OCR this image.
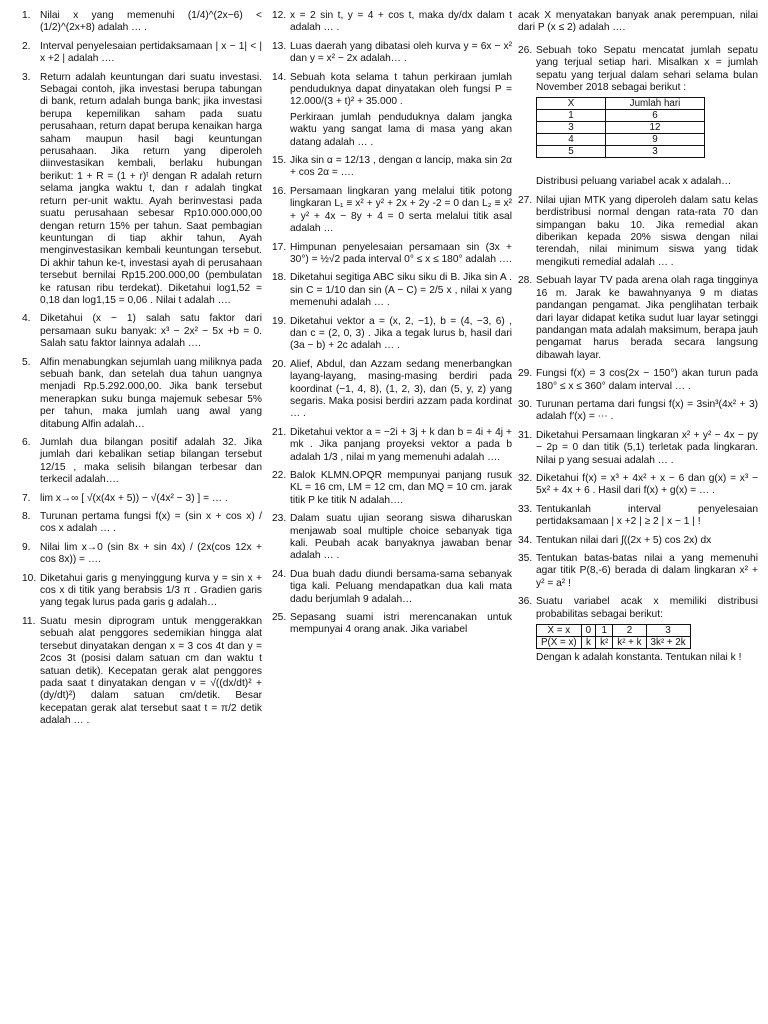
1. Nilai x yang memenuhi (1/4)^(2x−6) < (1/2)^(2x+8) adalah … .

2. Interval penyelesaian pertidaksamaan | x − 1| < | x +2 | adalah ….

3. Return adalah keuntungan dari suatu investasi. Sebagai contoh, jika investasi berupa tabungan di bank, return adalah bunga bank; jika investasi berupa kepemilikan saham pada suatu perusahaan, return dapat berupa kenaikan harga saham maupun hasil bagi keuntungan perusahaan. Jika return yang diperoleh diinvestasikan kembali, berlaku hubungan berikut: 1 + R = (1 + r)ᵗ dengan R adalah return selama jangka waktu t, dan r adalah tingkat return per-unit waktu. Ayah berinvestasi pada suatu perusahaan sebesar Rp10.000.000,00 dengan return 15% per tahun. Saat pembagian keuntungan di tiap akhir tahun, Ayah menginvestasikan kembali keuntungan tersebut. Di akhir tahun ke-t, investasi ayah di perusahaan tersebut bernilai Rp15.200.000,00 (pembulatan ke ratusan ribu terdekat). Diketahui log1,52 = 0,18 dan log1,15 = 0,06 . Nilai t adalah ….

4. Diketahui (x − 1) salah satu faktor dari persamaan suku banyak: x³ − 2x² − 5x +b = 0. Salah satu faktor lainnya adalah ….

5. Alfin menabungkan sejumlah uang miliknya pada sebuah bank, dan setelah dua tahun uangnya menjadi Rp.5.292.000,00. Jika bank tersebut menerapkan suku bunga majemuk sebesar 5% per tahun, maka jumlah uang awal yang ditabung Alfin adalah…

6. Jumlah dua bilangan positif adalah 32. Jika jumlah dari kebalikan setiap bilangan tersebut 12/15 , maka selisih bilangan terbesar dan terkecil adalah….

7. lim x→∞ [ √(x(4x + 5)) − √(4x² − 3) ] = … .

8. Turunan pertama fungsi f(x) = (sin x + cos x) / cos x adalah … .

9. Nilai lim x→0 (sin 8x + sin 4x) / (2x(cos 12x + cos 8x)) = ….

10. Diketahui garis g menyinggung kurva y = sin x + cos x di titik yang berabsis 1/3 π . Gradien garis yang tegak lurus pada garis g adalah…

11. Suatu mesin diprogram untuk menggerakkan sebuah alat penggores sedemikian hingga alat tersebut dinyatakan dengan x = 3 cos 4t dan y = 2cos 3t (posisi dalam satuan cm dan waktu t satuan detik). Kecepatan gerak alat penggores pada saat t dinyatakan dengan v = √((dx/dt)² + (dy/dt)²) dalam satuan cm/detik. Besar kecepatan gerak alat tersebut saat t = π/2 detik adalah … .

12. x = 2 sin t, y = 4 + cos t, maka dy/dx dalam t adalah … .

13. Luas daerah yang dibatasi oleh kurva y = 6x − x² dan y = x² − 2x adalah… .

14. Sebuah kota selama t tahun perkiraan jumlah penduduknya dapat dinyatakan oleh fungsi P = 12.000/(3 + t)² + 35.000 .

Perkiraan jumlah penduduknya dalam jangka waktu yang sangat lama di masa yang akan datang adalah … .

15. Jika sin α = 12/13 , dengan α lancip, maka sin 2α + cos 2α = ….

16. Persamaan lingkaran yang melalui titik potong lingkaran L₁ ≡ x² + y² + 2x + 2y -2 = 0 dan L₂ ≡ x² + y² + 4x − 8y + 4 = 0 serta melalui titik asal adalah …

17. Himpunan penyelesaian persamaan sin (3x + 30°) = ½√2 pada interval 0° ≤ x ≤ 180° adalah ….

18. Diketahui segitiga ABC siku siku di B. Jika sin A . sin C = 1/10 dan sin (A − C) = 2/5 x , nilai x yang memenuhi adalah … .

19. Diketahui vektor a = (x, 2, −1), b = (4, −3, 6) , dan c = (2, 0, 3) . Jika a tegak lurus b, hasil dari (3a − b) + 2c adalah … .

20. Alief, Abdul, dan Azzam sedang menerbangkan layang-layang, masing-masing berdiri pada koordinat (−1, 4, 8), (1, 2, 3), dan (5, y, z) yang segaris. Maka posisi berdiri azzam pada kordinat … .

21. Diketahui vektor a = −2i + 3j + k dan b = 4i + 4j + mk . Jika panjang proyeksi vektor a pada b adalah 1/3 , nilai m yang memenuhi adalah ….

22. Balok KLMN.OPQR mempunyai panjang rusuk KL = 16 cm, LM = 12 cm, dan MQ = 10 cm. jarak titik P ke titik N adalah….

23. Dalam suatu ujian seorang siswa diharuskan menjawab soal multiple choice sebanyak tiga kali. Peubah acak banyaknya jawaban benar adalah … .

24. Dua buah dadu diundi bersama-sama sebanyak tiga kali. Peluang mendapatkan dua kali mata dadu berjumlah 9 adalah…

25. Sepasang suami istri merencanakan untuk mempunyai 4 orang anak. Jika variabel

acak X menyatakan banyak anak perempuan, nilai dari P (x ≤ 2) adalah ….

26. Sebuah toko Sepatu mencatat jumlah sepatu yang terjual setiap hari. Misalkan x = jumlah sepatu yang terjual dalam sehari selama bulan November 2018 sebagai berikut :

X	Jumlah hari
1	6
3	12
4	9
5	3

Distribusi peluang variabel acak x adalah…

27. Nilai ujian MTK yang diperoleh dalam satu kelas berdistribusi normal dengan rata-rata 70 dan simpangan baku 10. Jika remedial akan diberikan kepada 20% siswa dengan nilai terendah, nilai minimum siswa yang tidak mengikuti remedial adalah … .

28. Sebuah layar TV pada arena olah raga tingginya 16 m. Jarak ke bawahnyanya 9 m diatas pandangan pengamat. Jika penglihatan terbaik dari layar didapat ketika sudut luar layar setinggi pandangan mata adalah maksimum, berapa jauh pengamat harus berada secara langsung dibawah layar.

29. Fungsi f(x) = 3 cos(2x − 150°) akan turun pada 180° ≤ x ≤ 360° dalam interval … .

30. Turunan pertama dari fungsi f(x) = 3sin³(4x² + 3) adalah f′(x) = ⋯ .

31. Diketahui Persamaan lingkaran x² + y² − 4x − py − 2p = 0 dan titik (5,1) terletak pada lingkaran. Nilai p yang sesuai adalah … .

32. Diketahui f(x) = x³ + 4x² + x − 6 dan g(x) = x³ − 5x² + 4x + 6 . Hasil dari f(x) + g(x) = … .

33. Tentukanlah interval penyelesaian pertidaksamaan | x +2 | ≥ 2 | x − 1 | !

34. Tentukan nilai dari ∫((2x + 5) cos 2x) dx

35. Tentukan batas-batas nilai a yang memenuhi agar titik P(8,-6) berada di dalam lingkaran x² + y² = a² !

36. Suatu variabel acak x memiliki distribusi probabilitas sebagai berikut:

X = x	0	1	2	3
P(X = x)	k	k²	k² + k	3k² + 2k

Dengan k adalah konstanta. Tentukan nilai k !
